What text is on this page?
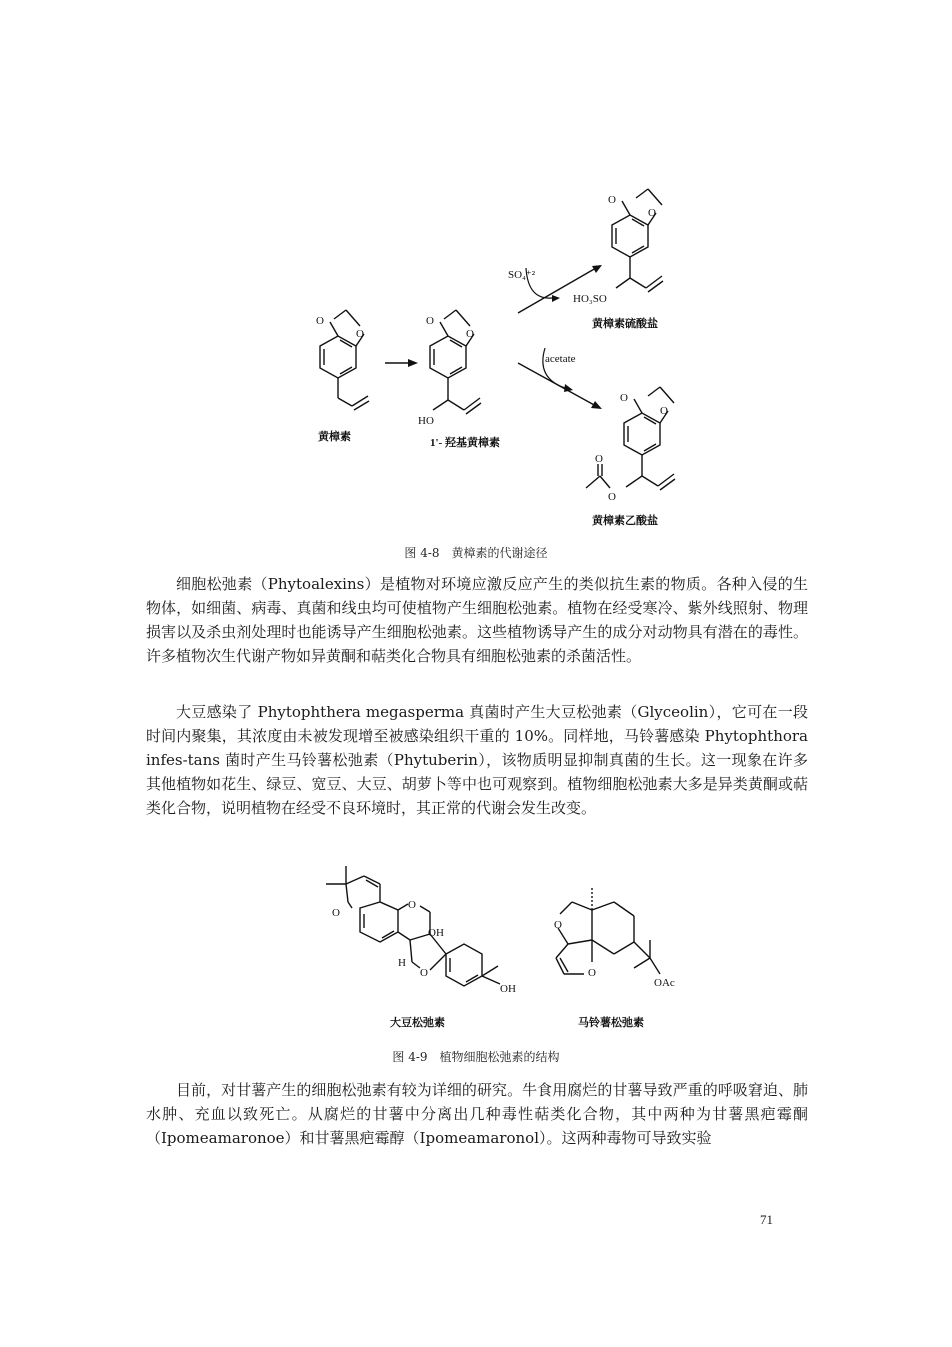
O
O
O
O
HO
O
O
HO₃SO
SO₄⁺²
acetate
O
O
O
O
黄樟素	1'- 羟基黄樟素
黄樟素硫酸盐
黄樟素乙酸盐
图 4-8　黄樟素的代谢途径

细胞松弛素（Phytoalexins）是植物对环境应激反应产生的类似抗生素的物质。各种入侵的生物体，如细菌、病毒、真菌和线虫均可使植物产生细胞松弛素。植物在经受寒冷、紫外线照射、物理损害以及杀虫剂处理时也能诱导产生细胞松弛素。这些植物诱导产生的成分对动物具有潜在的毒性。许多植物次生代谢产物如异黄酮和萜类化合物具有细胞松弛素的杀菌活性。

大豆感染了 Phytophthera megasperma 真菌时产生大豆松弛素（Glyceolin），它可在一段时间内聚集，其浓度由未被发现增至被感染组织干重的 10%。同样地，马铃薯感染 Phytophthora infes-tans 菌时产生马铃薯松弛素（Phytuberin），该物质明显抑制真菌的生长。这一现象在许多其他植物如花生、绿豆、宽豆、大豆、胡萝卜等中也可观察到。植物细胞松弛素大多是异类黄酮或萜类化合物，说明植物在经受不良环境时，其正常的代谢会发生改变。

O
O
OH
H
O
OH
O
O
OAc
大豆松弛素	马铃薯松弛素
图 4-9　植物细胞松弛素的结构

目前，对甘薯产生的细胞松弛素有较为详细的研究。牛食用腐烂的甘薯导致严重的呼吸窘迫、肺水肿、充血以致死亡。从腐烂的甘薯中分离出几种毒性萜类化合物，其中两种为甘薯黑疤霉酮（Ipomeamaronoe）和甘薯黑疤霉醇（Ipomeamaronol）。这两种毒物可导致实验

71
